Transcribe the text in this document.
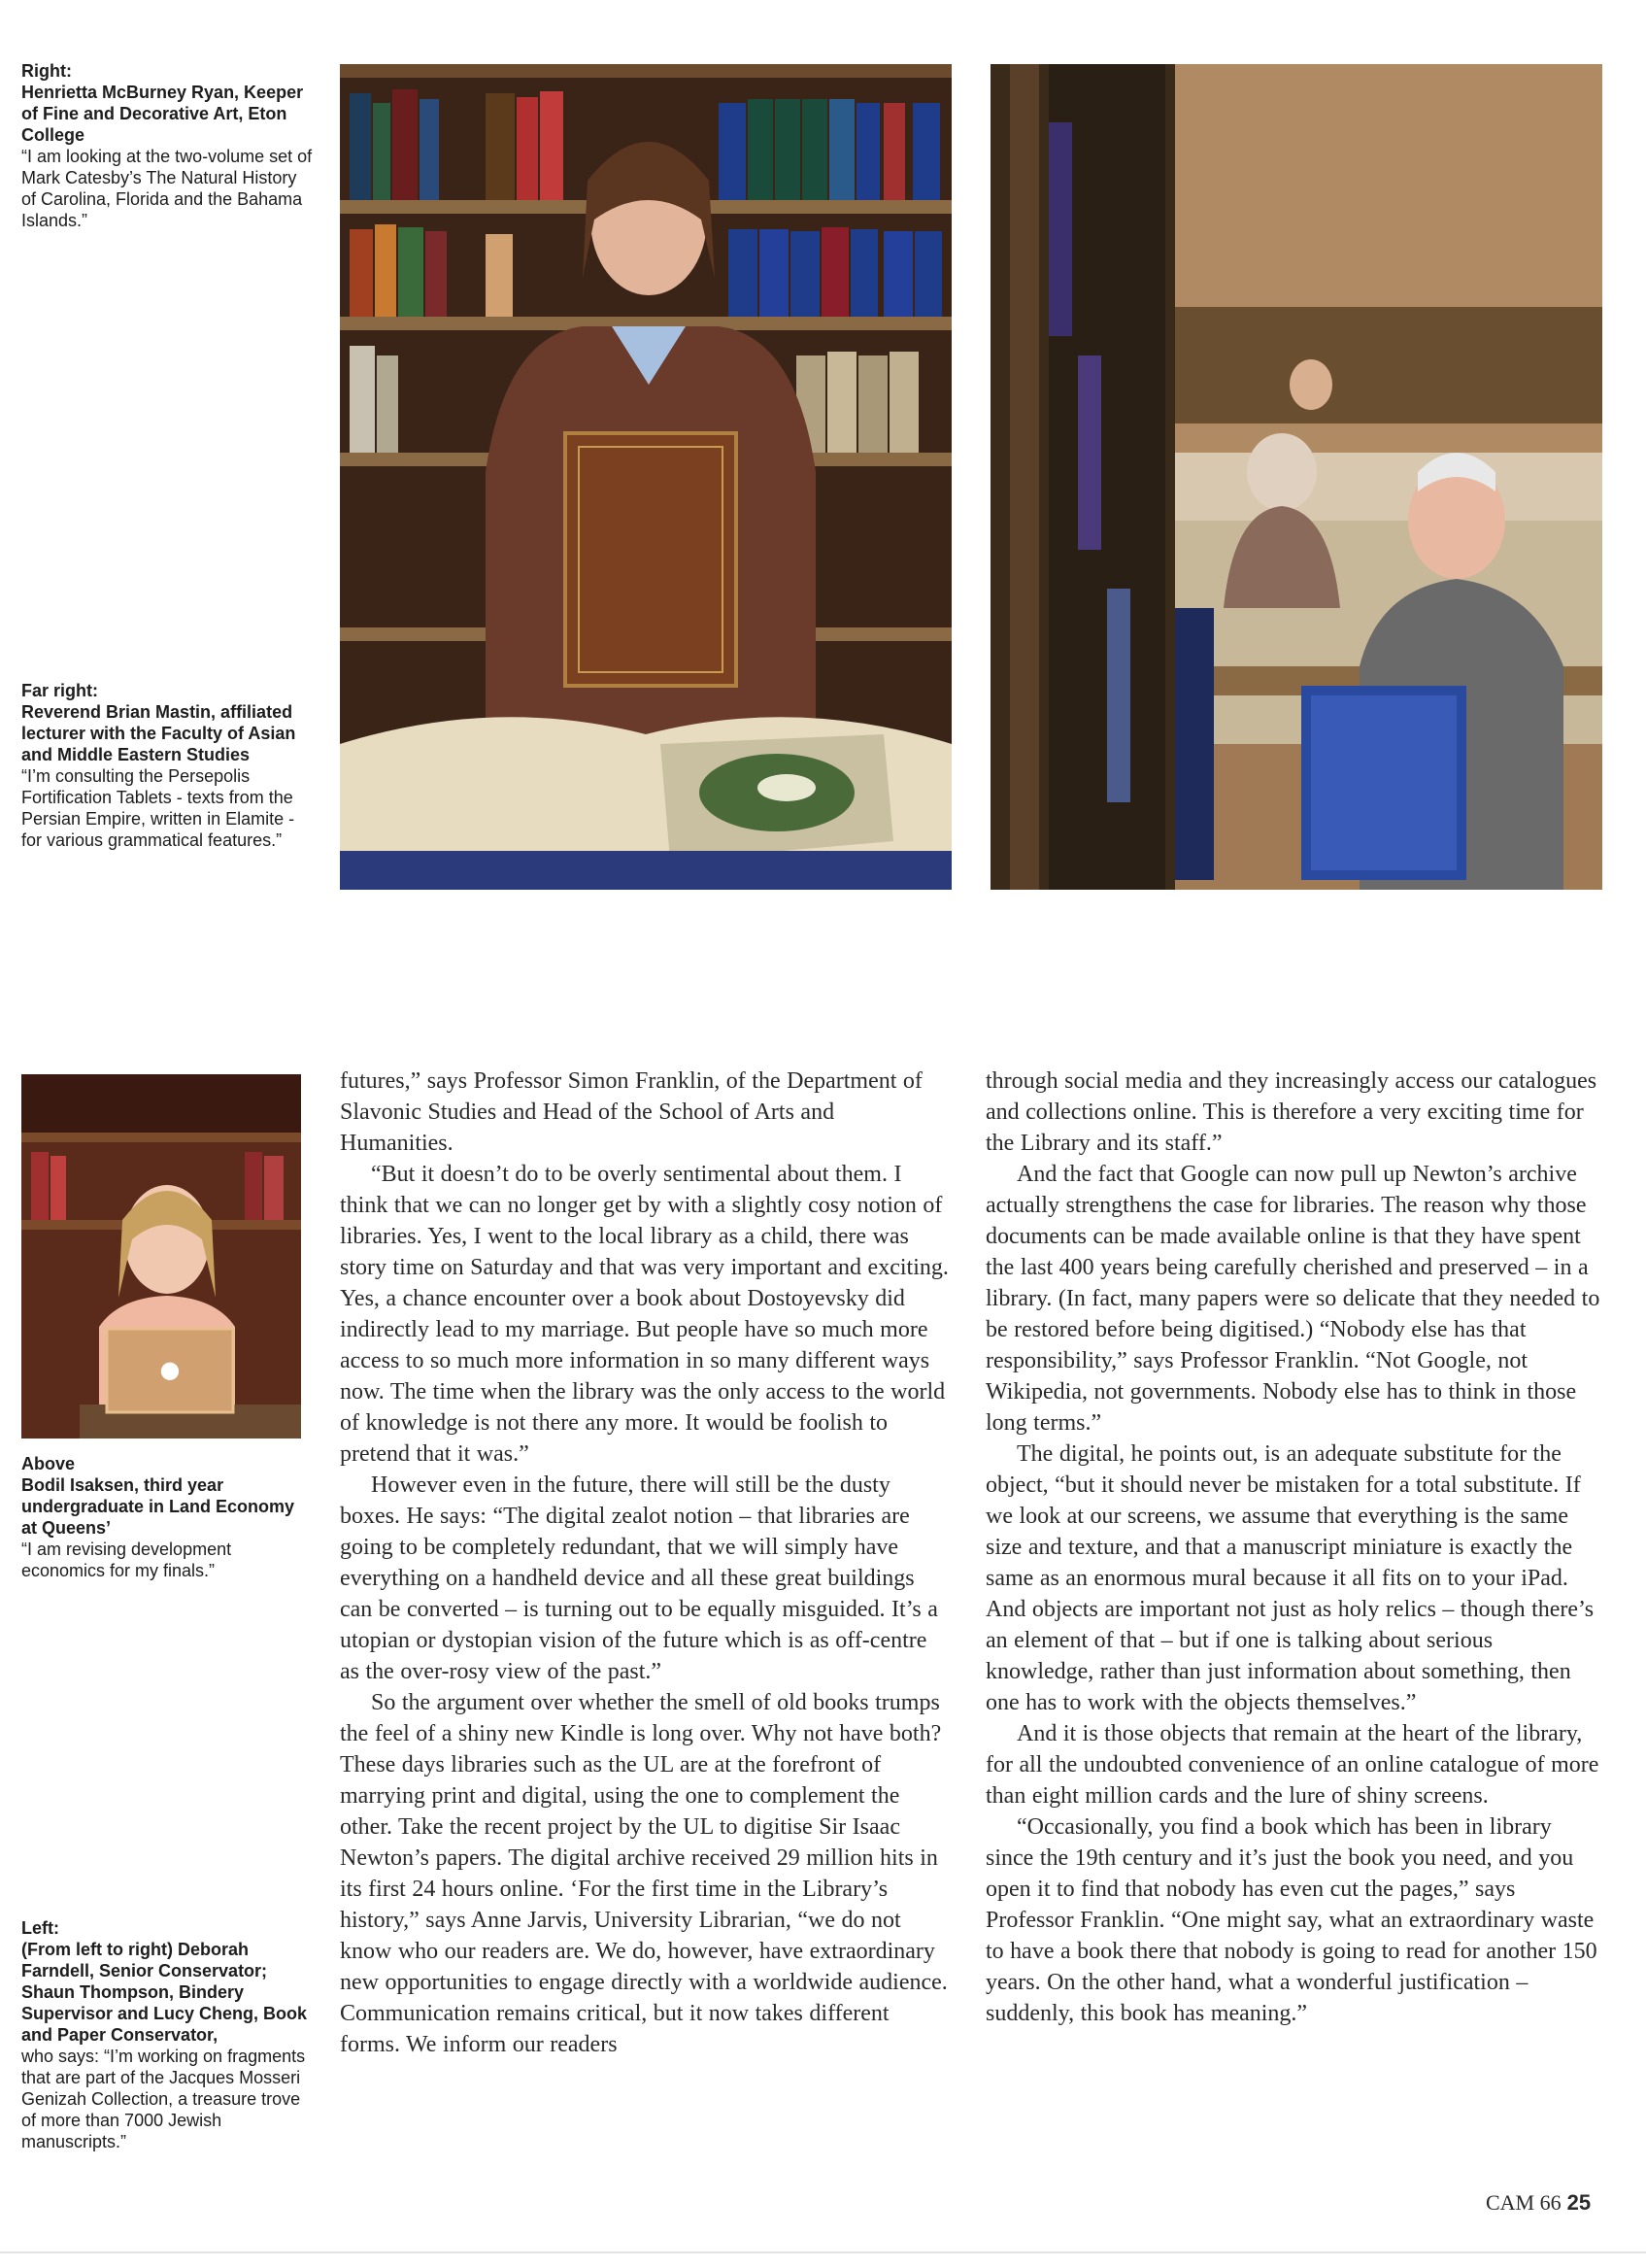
Right:
Henrietta McBurney Ryan, Keeper of Fine and Decorative Art, Eton College
“I am looking at the two-volume set of Mark Catesby’s The Natural History of Carolina, Florida and the Bahama Islands.”
Far right:
Reverend Brian Mastin, affiliated lecturer with the Faculty of Asian and Middle Eastern Studies
“I’m consulting the Persepolis Fortification Tablets - texts from the Persian Empire, written in Elamite - for various grammatical features.”
●
Above
Bodil Isaksen, third year undergraduate in Land Economy at Queens’
“I am revising development economics for my finals.”
Left:
(From left to right) Deborah Farndell, Senior Conservator; Shaun Thompson, Bindery Supervisor and Lucy Cheng, Book and Paper Conservator,
who says: “I’m working on fragments that are part of the Jacques Mosseri Genizah Collection, a treasure trove of more than 7000 Jewish manuscripts.”

futures,” says Professor Simon Franklin, of the Department of Slavonic Studies and Head of the School of Arts and Humanities.

“But it doesn’t do to be overly sentimental about them. I think that we can no longer get by with a slightly cosy notion of libraries. Yes, I went to the local library as a child, there was story time on Saturday and that was very important and exciting. Yes, a chance encounter over a book about Dostoyevsky did indirectly lead to my marriage. But people have so much more access to so much more information in so many different ways now. The time when the library was the only access to the world of knowledge is not there any more. It would be foolish to pretend that it was.”

However even in the future, there will still be the dusty boxes. He says: “The digital zealot notion – that libraries are going to be completely redundant, that we will simply have everything on a handheld device and all these great buildings can be converted – is turning out to be equally misguided. It’s a utopian or dystopian vision of the future which is as off-centre as the over-rosy view of the past.”

So the argument over whether the smell of old books trumps the feel of a shiny new Kindle is long over. Why not have both? These days libraries such as the UL are at the forefront of marrying print and digital, using the one to complement the other. Take the recent project by the UL to digitise Sir Isaac Newton’s papers. The digital archive received 29 million hits in its first 24 hours online. ‘For the first time in the Library’s history,” says Anne Jarvis, University Librarian, “we do not know who our readers are. We do, however, have extraordinary new opportunities to engage directly with a worldwide audience. Communication remains critical, but it now takes different forms. We inform our readers

through social media and they increasingly access our catalogues and collections online. This is therefore a very exciting time for the Library and its staff.”

And the fact that Google can now pull up Newton’s archive actually strengthens the case for libraries. The reason why those documents can be made available online is that they have spent the last 400 years being carefully cherished and preserved – in a library. (In fact, many papers were so delicate that they needed to be restored before being digitised.) “Nobody else has that responsibility,” says Professor Franklin. “Not Google, not Wikipedia, not governments. Nobody else has to think in those long terms.”

The digital, he points out, is an adequate substitute for the object, “but it should never be mistaken for a total substitute. If we look at our screens, we assume that everything is the same size and texture, and that a manuscript miniature is exactly the same as an enormous mural because it all fits on to your iPad. And objects are important not just as holy relics – though there’s an element of that – but if one is talking about serious knowledge, rather than just information about something, then one has to work with the objects themselves.”

And it is those objects that remain at the heart of the library, for all the undoubted convenience of an online catalogue of more than eight million cards and the lure of shiny screens.

“Occasionally, you find a book which has been in library since the 19th century and it’s just the book you need, and you open it to find that nobody has even cut the pages,” says Professor Franklin. “One might say, what an extraordinary waste to have a book there that nobody is going to read for another 150 years. On the other hand, what a wonderful justification – suddenly, this book has meaning.”

CAM 66 25
